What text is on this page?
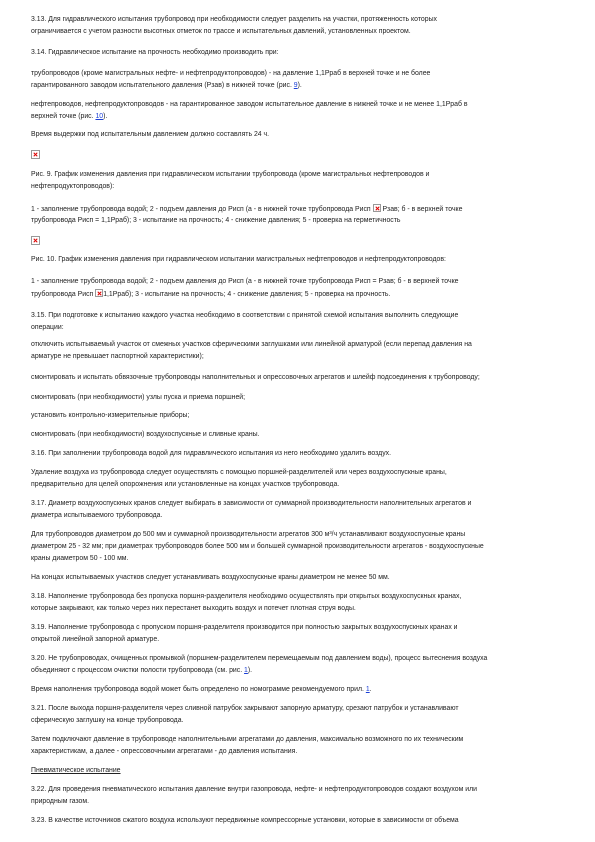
3.13. Для гидравлического испытания трубопровод при необходимости следует разделить на участки, протяженность которых
ограничивается с учетом разности высотных отметок по трассе и испытательных давлений, установленных проектом.
3.14. Гидравлическое испытание на прочность необходимо производить при:
трубопроводов (кроме магистральных нефте- и нефтепродуктопроводов) - на давление 1,1Рраб в верхней точке и не более
гарантированного заводом испытательного давления (Рзав) в нижней точке (рис. 9).
нефтепроводов, нефтепродуктопроводов - на гарантированное заводом испытательное давление в нижней точке и не менее 1,1Рраб в
верхней точке (рис. 10).
Время выдержки под испытательным давлением должно составлять 24 ч.
Рис. 9. График изменения давления при гидравлическом испытании трубопровода (кроме магистральных нефтепроводов и
нефтепродуктопроводов):
1 - заполнение трубопровода водой; 2 - подъем давления до Рисп (а - в нижней точке трубопровода Рисп  Рзав; б - в верхней точке
трубопровода Рисп = 1,1Рраб); 3 - испытание на прочность; 4 - снижение давления; 5 - проверка на герметичность
Рис. 10. График изменения давления при гидравлическом испытании магистральных нефтепроводов и нефтепродуктопроводов:
1 - заполнение трубопровода водой; 2 - подъем давления до Рисп (а - в нижней точке трубопровода Рисп = Рзав; б - в верхней точке
трубопровода Рисп 1,1Рраб); 3 - испытание на прочность; 4 - снижение давления; 5 - проверка на прочность.
3.15. При подготовке к испытанию каждого участка необходимо в соответствии с принятой схемой испытания выполнить следующие
операции:
отключить испытываемый участок от смежных участков сферическими заглушками или линейной арматурой (если перепад давления на
арматуре не превышает паспортной характеристики);
смонтировать и испытать обвязочные трубопроводы наполнительных и опрессовочных агрегатов и шлейф подсоединения к трубопроводу;
смонтировать (при необходимости) узлы пуска и приема поршней;
установить контрольно-измерительные приборы;
смонтировать (при необходимости) воздухоспускные и сливные краны.
3.16. При заполнении трубопровода водой для гидравлического испытания из него необходимо удалить воздух.
Удаление воздуха из трубопровода следует осуществлять с помощью поршней-разделителей или через воздухоспускные краны,
предварительно для целей опорожнения или установленные на концах участков трубопровода.
3.17. Диаметр воздухоспускных кранов следует выбирать в зависимости от суммарной производительности наполнительных агрегатов и
диаметра испытываемого трубопровода.
Для трубопроводов диаметром до 500 мм и суммарной производительности агрегатов 300 м³/ч устанавливают воздухоспускные краны
диаметром 25 - 32 мм; при диаметрах трубопроводов более 500 мм и большей суммарной производительности агрегатов - воздухоспускные
краны диаметром 50 - 100 мм.
На концах испытываемых участков следует устанавливать воздухоспускные краны диаметром не менее 50 мм.
3.18. Наполнение трубопровода без пропуска поршня-разделителя необходимо осуществлять при открытых воздухоспускных кранах,
которые закрывают, как только через них перестанет выходить воздух и потечет плотная струя воды.
3.19. Наполнение трубопровода с пропуском поршня-разделителя производится при полностью закрытых воздухоспускных кранах и
открытой линейной запорной арматуре.
3.20. Не трубопроводах, очищенных промывкой (поршнем-разделителем перемещаемым под давлением воды), процесс вытеснения воздуха
объединяют с процессом очистки полости трубопровода (см. рис. 1).
Время наполнения трубопровода водой может быть определено по номограмме рекомендуемого прил. 1.
3.21. После выхода поршня-разделителя через сливной патрубок закрывают запорную арматуру, срезают патрубок и устанавливают
сферическую заглушку на конце трубопровода.
Затем подключают давление в трубопроводе наполнительными агрегатами до давления, максимально возможного по их техническим
характеристикам, а далее - опрессовочными агрегатами - до давления испытания.
Пневматическое испытание
3.22. Для проведения пневматического испытания давление внутри газопровода, нефте- и нефтепродуктопроводов создают воздухом или
природным газом.
3.23. В качестве источников сжатого воздуха используют передвижные компрессорные установки, которые в зависимости от объема
